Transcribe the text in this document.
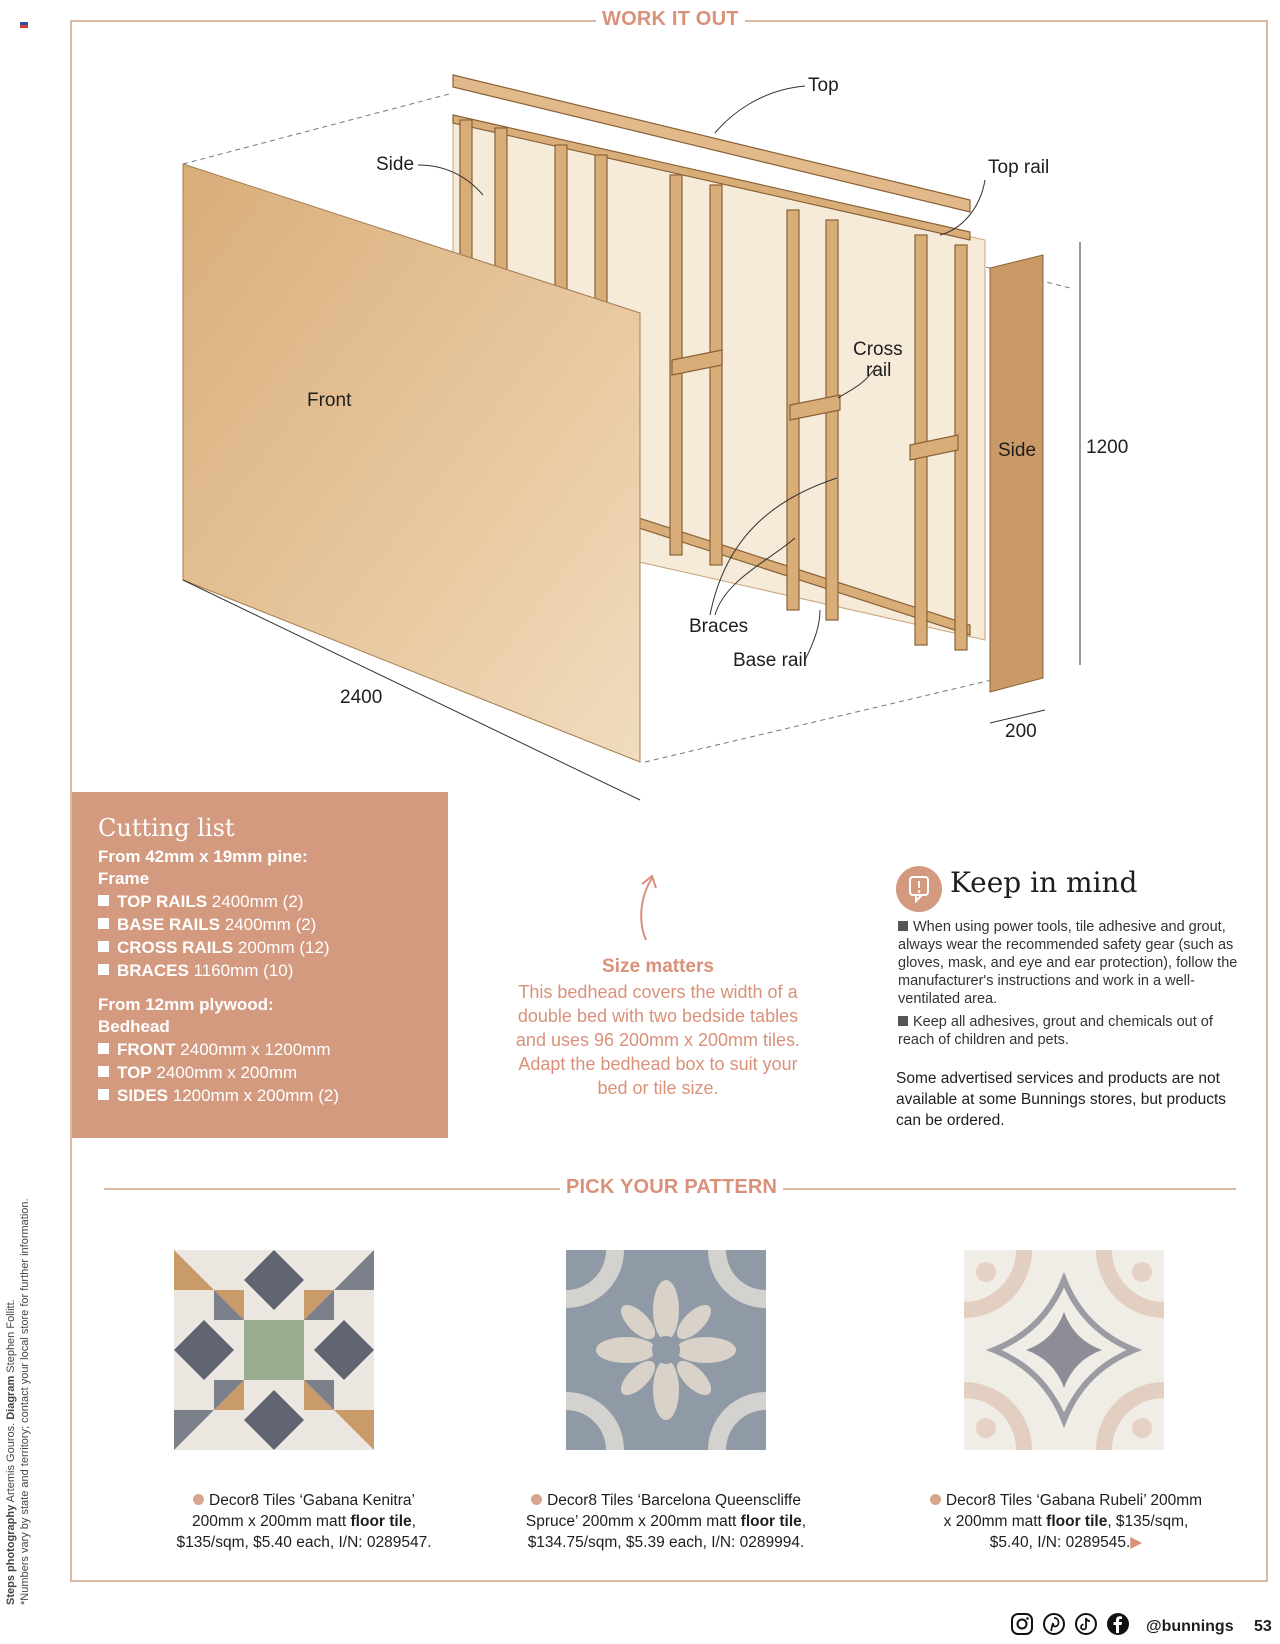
WORK IT OUT
Top
Side	Top rail
Cross
rail
Front
Side
Braces
Base rail
2400
1200
200
Cutting list
From 42mm x 19mm pine:
Frame
TOP RAILS 2400mm (2)
BASE RAILS 2400mm (2)
CROSS RAILS 200mm (12)
BRACES 1160mm (10)
From 12mm plywood:
Bedhead
FRONT 2400mm x 1200mm
TOP 2400mm x 200mm
SIDES 1200mm x 200mm (2)
Size matters

This bedhead covers the width of a double bed with two bedside tables and uses 96 200mm x 200mm tiles. Adapt the bedhead box to suit your bed or tile size.

Keep in mind

When using power tools, tile adhesive and grout, always wear the recommended safety gear (such as gloves, mask, and eye and ear protection), follow the manufacturer's instructions and work in a well-ventilated area.

Keep all adhesives, grout and chemicals out of reach of children and pets.

Some advertised services and products are not available at some Bunnings stores, but products can be ordered.
PICK YOUR PATTERN
Decor8 Tiles ‘Gabana Kenitra’
200mm x 200mm matt floor tile,
$135/sqm, $5.40 each, I/N: 0289547.
Decor8 Tiles ‘Barcelona Queenscliffe
Spruce’ 200mm x 200mm matt floor tile,
$134.75/sqm, $5.39 each, I/N: 0289994.
Decor8 Tiles ‘Gabana Rubeli’ 200mm
x 200mm matt floor tile, $135/sqm,
$5.40, I/N: 0289545.▶
Steps photography Artemis Gouros. Diagram Stephen Follitt. *Numbers vary by state and territory; contact your local store for further information.
@bunnings 53
